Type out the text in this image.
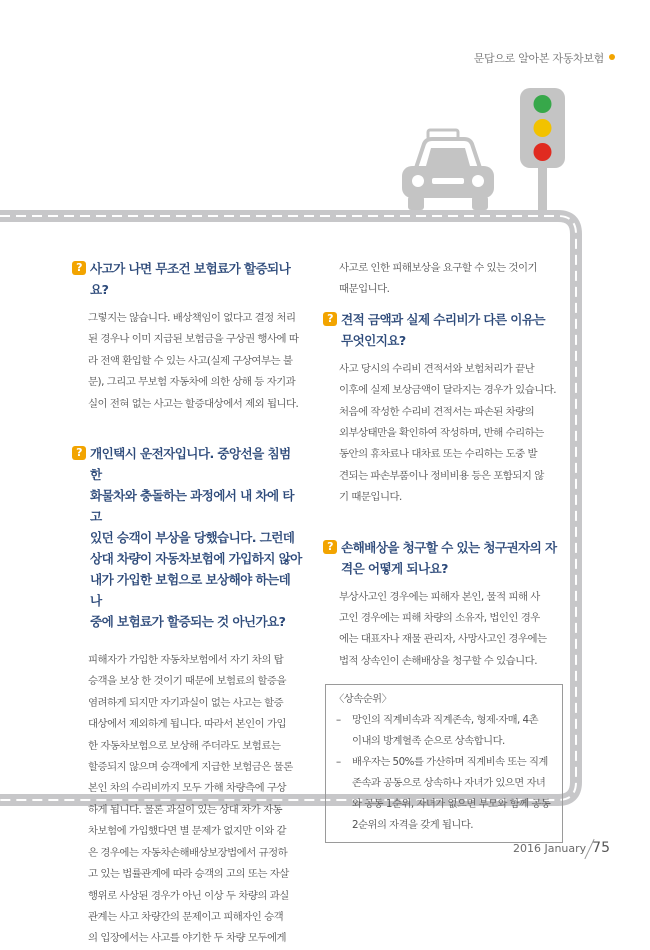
문답으로 알아본 자동차보험
? 사고가 나면 무조건 보험료가 할증되나요?

그렇지는 않습니다. 배상책임이 없다고 결정 처리
된 경우나 이미 지급된 보험금을 구상권 행사에 따
라 전액 환입할 수 있는 사고(실제 구상여부는 불
문), 그리고 무보험 자동차에 의한 상해 등 자기과
실이 전혀 없는 사고는 할증대상에서 제외 됩니다.

? 개인택시 운전자입니다. 중앙선을 침범한
화물차와 충돌하는 과정에서 내 차에 타고
있던 승객이 부상을 당했습니다. 그런데
상대 차량이 자동차보험에 가입하지 않아
내가 가입한 보험으로 보상해야 하는데 나
중에 보험료가 할증되는 것 아닌가요?

피해자가 가입한 자동차보험에서 자기 차의 탑
승객을 보상 한 것이기 때문에 보험료의 할증을
염려하게 되지만 자기과실이 없는 사고는 할증
대상에서 제외하게 됩니다. 따라서 본인이 가입
한 자동차보험으로 보상해 주더라도 보험료는
할증되지 않으며 승객에게 지급한 보험금은 물론
본인 차의 수리비까지 모두 가해 차량측에 구상
하게 됩니다. 물론 과실이 있는 상대 차가 자동
차보험에 가입했다면 별 문제가 없지만 이와 같
은 경우에는 자동차손해배상보장법에서 규정하
고 있는 법률관계에 따라 승객의 고의 또는 자살
행위로 사상된 경우가 아닌 이상 두 차량의 과실
관계는 사고 차량간의 문제이고 피해자인 승객
의 입장에서는 사고를 야기한 두 차량 모두에게

사고로 인한 피해보상을 요구할 수 있는 것이기
때문입니다.

? 견적 금액과 실제 수리비가 다른 이유는
무엇인지요?

사고 당시의 수리비 견적서와 보험처리가 끝난
이후에 실제 보상금액이 달라지는 경우가 있습니다.
처음에 작성한 수리비 견적서는 파손된 차량의
외부상태만을 확인하여 작성하며, 반해 수리하는
동안의 휴차료나 대차료 또는 수리하는 도중 발
견되는 파손부품이나 정비비용 등은 포함되지 않
기 때문입니다.

? 손해배상을 청구할 수 있는 청구권자의 자
격은 어떻게 되나요?

부상사고인 경우에는 피해자 본인, 물적 피해 사
고인 경우에는 피해 차량의 소유자, 법인인 경우
에는 대표자나 재물 관리자, 사망사고인 경우에는
법적 상속인이 손해배상을 청구할 수 있습니다.

〈상속순위〉

– 망인의 직계비속과 직계존속, 형제·자매, 4촌
이내의 방계혈족 순으로 상속합니다.

– 배우자는 50%를 가산하며 직계비속 또는 직계
존속과 공동으로 상속하나 자녀가 있으면 자녀
와 공동 1순위, 자녀가 없으면 부모와 함께 공동
2순위의 자격을 갖게 됩니다.

2016 January 75
